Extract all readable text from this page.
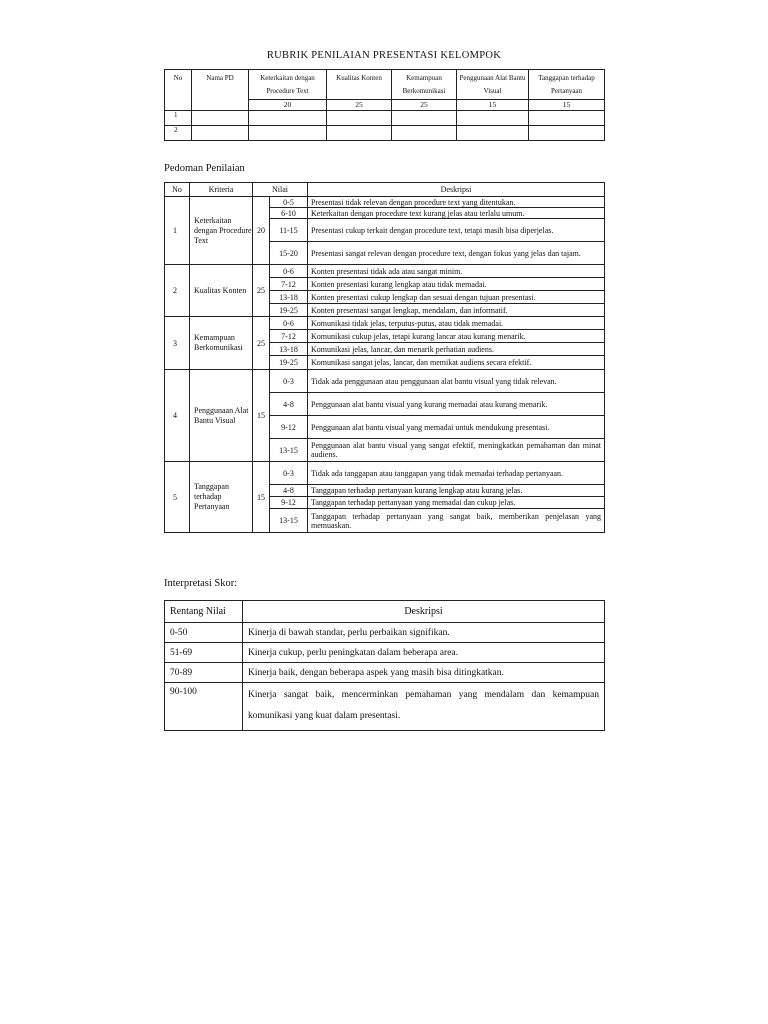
RUBRIK PENILAIAN PRESENTASI KELOMPOK
No	Nama PD	Keterkaitan dengan Procedure Text	Kualitas Konten	Kemampuan Berkomunikasi	Penggunaan Alat Bantu Visual	Tanggapan terhadap Pertanyaan
		20	25	25	15	15
1						
2						
Pedoman Penilaian
No	Kriteria	Nilai		Deskripsi
1	Keterkaitan dengan Procedure Text	20	0-5	Presentasi tidak relevan dengan procedure text yang ditentukan.
			6-10	Keterkaitan dengan procedure text kurang jelas atau terlalu umum.
			11-15	Presentasi cukup terkait dengan procedure text, tetapi masih bisa diperjelas.
			15-20	Presentasi sangat relevan dengan procedure text, dengan fokus yang jelas dan tajam.
2	Kualitas Konten	25	0-6	Konten presentasi tidak ada atau sangat minim.
			7-12	Konten presentasi kurang lengkap atau tidak memadai.
			13-18	Konten presentasi cukup lengkap dan sesuai dengan tujuan presentasi.
			19-25	Konten presentasi sangat lengkap, mendalam, dan informatif.
3	Kemampuan Berkomunikasi	25	0-6	Komunikasi tidak jelas, terputus-putus, atau tidak memadai.
			7-12	Komunikasi cukup jelas, tetapi kurang lancar atau kurang menarik.
			13-18	Komunikasi jelas, lancar, dan menarik perhatian audiens.
			19-25	Komunikasi sangat jelas, lancar, dan memikat audiens secara efektif.
4	Penggunaan Alat Bantu Visual	15	0-3	Tidak ada penggunaan atau penggunaan alat bantu visual yang tidak relevan.
			4-8	Penggunaan alat bantu visual yang kurang memadai atau kurang menarik.
			9-12	Penggunaan alat bantu visual yang memadai untuk mendukung presentasi.
			13-15	Penggunaan alat bantu visual yang sangat efektif, meningkatkan pemahaman dan minat audiens.
5	Tanggapan terhadap Pertanyaan	15	0-3	Tidak ada tanggapan atau tanggapan yang tidak memadai terhadap pertanyaan.
			4-8	Tanggapan terhadap pertanyaan kurang lengkap atau kurang jelas.
			9-12	Tanggapan terhadap pertanyaan yang memadai dan cukup jelas.
			13-15	Tanggapan terhadap pertanyaan yang sangat baik, memberikan penjelasan yang memuaskan.
Interpretasi Skor:
Rentang Nilai	Deskripsi
0-50	Kinerja di bawah standar, perlu perbaikan signifikan.
51-69	Kinerja cukup, perlu peningkatan dalam beberapa area.
70-89	Kinerja baik, dengan beberapa aspek yang masih bisa ditingkatkan.
90-100	Kinerja sangat baik, mencerminkan pemahaman yang mendalam dan kemampuan komunikasi yang kuat dalam presentasi.
